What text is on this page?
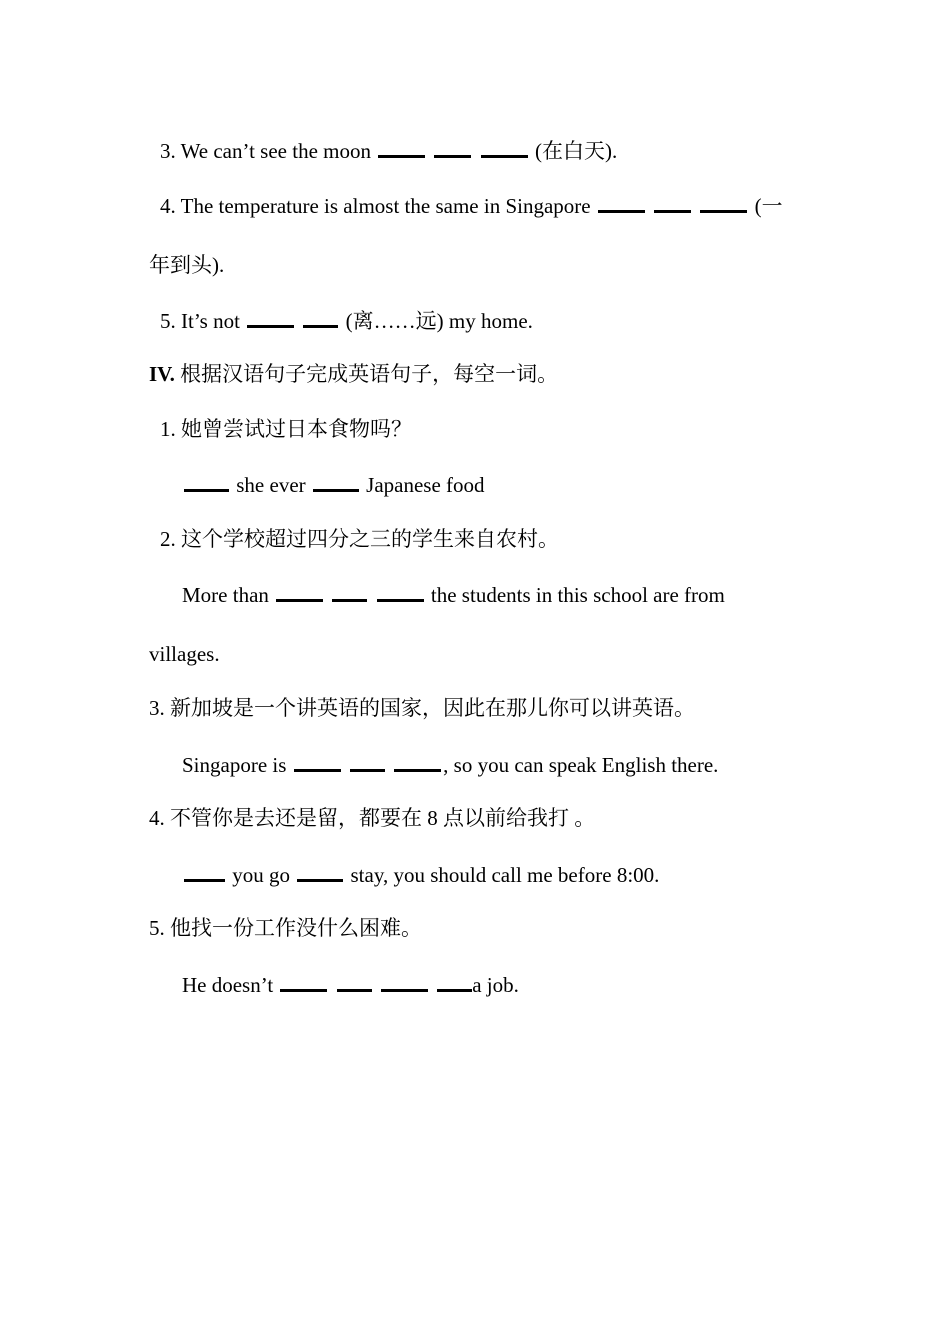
3. We can’t see the moon	(在白天).
4. The temperature is almost the same in Singapore	(一
年到头).
5. It’s not	(离……远) my home.
IV. 根据汉语句子完成英语句子，每空一词。
1. 她曾尝试过日本食物吗？
she ever	Japanese food
2. 这个学校超过四分之三的学生来自农村。
More than	the students in this school are from
villages.
3. 新加坡是一个讲英语的国家，因此在那儿你可以讲英语。
Singapore is	, so you can speak English there.
4. 不管你是去还是留，都要在 8 点以前给我打 。
you go	stay, you should call me before 8:00.
5. 他找一份工作没什么困难。
He doesn’t	a job.
